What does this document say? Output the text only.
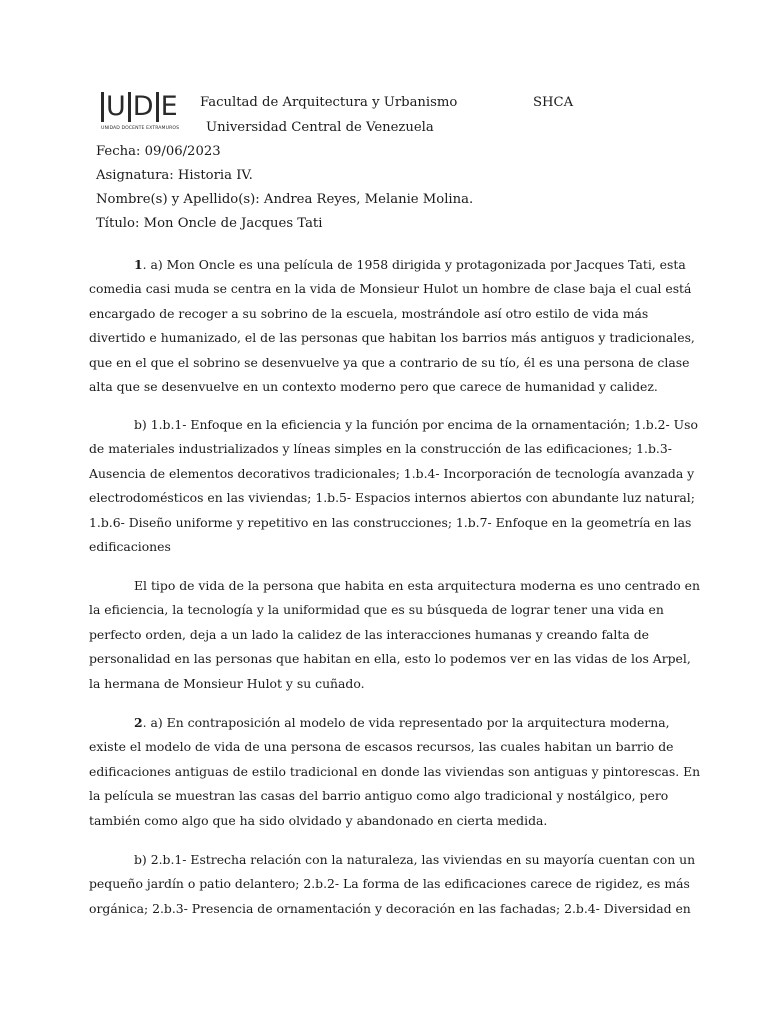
U D E
UNIDAD DOCENTE EXTRAMUROS
Facultad de Arquitectura y Urbanismo	SHCA
Universidad Central de Venezuela
Fecha: 09/06/2023
Asignatura: Historia IV.
Nombre(s) y Apellido(s): Andrea Reyes, Melanie Molina.
Título: Mon Oncle de Jacques Tati
1. a) Mon Oncle es una película de 1958 dirigida y protagonizada por Jacques Tati, esta
comedia casi muda se centra en la vida de Monsieur Hulot un hombre de clase baja el cual está
encargado de recoger a su sobrino de la escuela, mostrándole así otro estilo de vida más
divertido e humanizado, el de las personas que habitan los barrios más antiguos y tradicionales,
que en el que el sobrino se desenvuelve ya que a contrario de su tío, él es una persona de clase
alta que se desenvuelve en un contexto moderno pero que carece de humanidad y calidez.
b) 1.b.1- Enfoque en la eficiencia y la función por encima de la ornamentación; 1.b.2- Uso
de materiales industrializados y líneas simples en la construcción de las edificaciones; 1.b.3-
Ausencia de elementos decorativos tradicionales; 1.b.4- Incorporación de tecnología avanzada y
electrodomésticos en las viviendas; 1.b.5- Espacios internos abiertos con abundante luz natural;
1.b.6- Diseño uniforme y repetitivo en las construcciones; 1.b.7- Enfoque en la geometría en las
edificaciones
El tipo de vida de la persona que habita en esta arquitectura moderna es uno centrado en
la eficiencia, la tecnología y la uniformidad que es su búsqueda de lograr tener una vida en
perfecto orden, deja a un lado la calidez de las interacciones humanas y creando falta de
personalidad en las personas que habitan en ella, esto lo podemos ver en las vidas de los Arpel,
la hermana de Monsieur Hulot y su cuñado.
2. a) En contraposición al modelo de vida representado por la arquitectura moderna,
existe el modelo de vida de una persona de escasos recursos, las cuales habitan un barrio de
edificaciones antiguas de estilo tradicional en donde las viviendas son antiguas y pintorescas. En
la película se muestran las casas del barrio antiguo como algo tradicional y nostálgico, pero
también como algo que ha sido olvidado y abandonado en cierta medida.
b) 2.b.1- Estrecha relación con la naturaleza, las viviendas en su mayoría cuentan con un
pequeño jardín o patio delantero; 2.b.2- La forma de las edificaciones carece de rigidez, es más
orgánica; 2.b.3- Presencia de ornamentación y decoración en las fachadas; 2.b.4- Diversidad en
